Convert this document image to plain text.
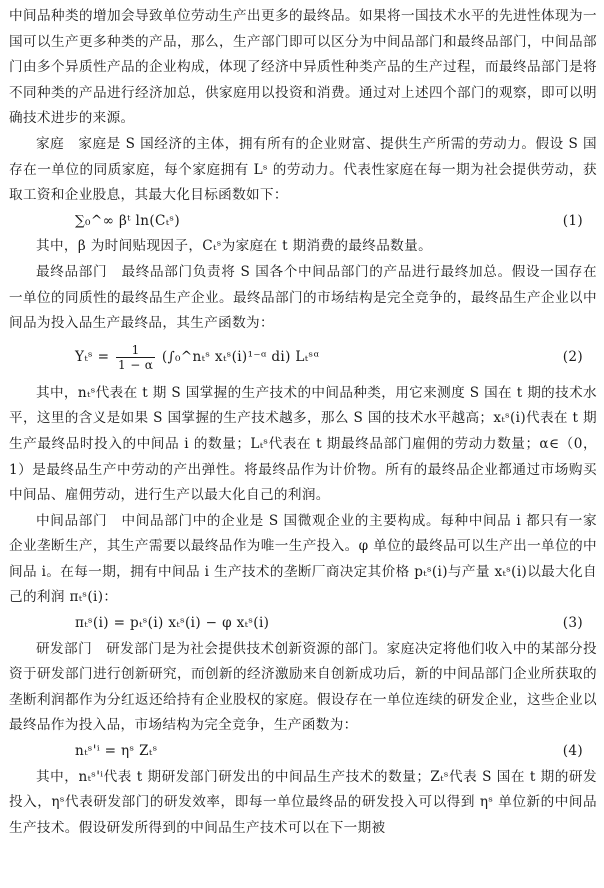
中间品种类的增加会导致单位劳动生产出更多的最终品。如果将一国技术水平的先进性体现为一国可以生产更多种类的产品，那么，生产部门即可以区分为中间品部门和最终品部门，中间品部门由多个异质性产品的企业构成，体现了经济中异质性种类产品的生产过程，而最终品部门是将不同种类的产品进行经济加总，供家庭用以投资和消费。通过对上述四个部门的观察，即可以明确技术进步的来源。

家庭　家庭是 S 国经济的主体，拥有所有的企业财富、提供生产所需的劳动力。假设 S 国存在一单位的同质家庭，每个家庭拥有 Lˢ 的劳动力。代表性家庭在每一期为社会提供劳动，获取工资和企业股息，其最大化目标函数如下：

∑₀^∞ βᵗ ln(Cₜˢ)	(1)

其中，β 为时间贴现因子，Cₜˢ为家庭在 t 期消费的最终品数量。

最终品部门　最终品部门负责将 S 国各个中间品部门的产品进行最终加总。假设一国存在一单位的同质性的最终品生产企业。最终品部门的市场结构是完全竞争的，最终品生产企业以中间品为投入品生产最终品，其生产函数为：

Yₜˢ = $\frac{1}{1 - \alpha}$ (∫₀^nₜˢ xₜˢ(i)¹⁻ᵅ di) Lₜˢᵅ	(2)

其中，nₜˢ代表在 t 期 S 国掌握的生产技术的中间品种类，用它来测度 S 国在 t 期的技术水平，这里的含义是如果 S 国掌握的生产技术越多，那么 S 国的技术水平越高；xₜˢ(i)代表在 t 期生产最终品时投入的中间品 i 的数量；Lₜˢ代表在 t 期最终品部门雇佣的劳动力数量；α∈（0，1）是最终品生产中劳动的产出弹性。将最终品作为计价物。所有的最终品企业都通过市场购买中间品、雇佣劳动，进行生产以最大化自己的利润。

中间品部门　中间品部门中的企业是 S 国微观企业的主要构成。每种中间品 i 都只有一家企业垄断生产，其生产需要以最终品作为唯一生产投入。φ 单位的最终品可以生产出一单位的中间品 i。在每一期，拥有中间品 i 生产技术的垄断厂商决定其价格 pₜˢ(i)与产量 xₜˢ(i)以最大化自己的利润 πₜˢ(i)：

πₜˢ(i) = pₜˢ(i) xₜˢ(i) − φ xₜˢ(i)	(3)

研发部门　研发部门是为社会提供技术创新资源的部门。家庭决定将他们收入中的某部分投资于研发部门进行创新研究，而创新的经济激励来自创新成功后，新的中间品部门企业所获取的垄断利润都作为分红返还给持有企业股权的家庭。假设存在一单位连续的研发企业，这些企业以最终品作为投入品，市场结构为完全竞争，生产函数为：

nₜˢ'ⁱ = ηˢ Zₜˢ	(4)

其中，nₜˢ'ⁱ代表 t 期研发部门研发出的中间品生产技术的数量；Zₜˢ代表 S 国在 t 期的研发投入，ηˢ代表研发部门的研发效率，即每一单位最终品的研发投入可以得到 ηˢ 单位新的中间品生产技术。假设研发所得到的中间品生产技术可以在下一期被
